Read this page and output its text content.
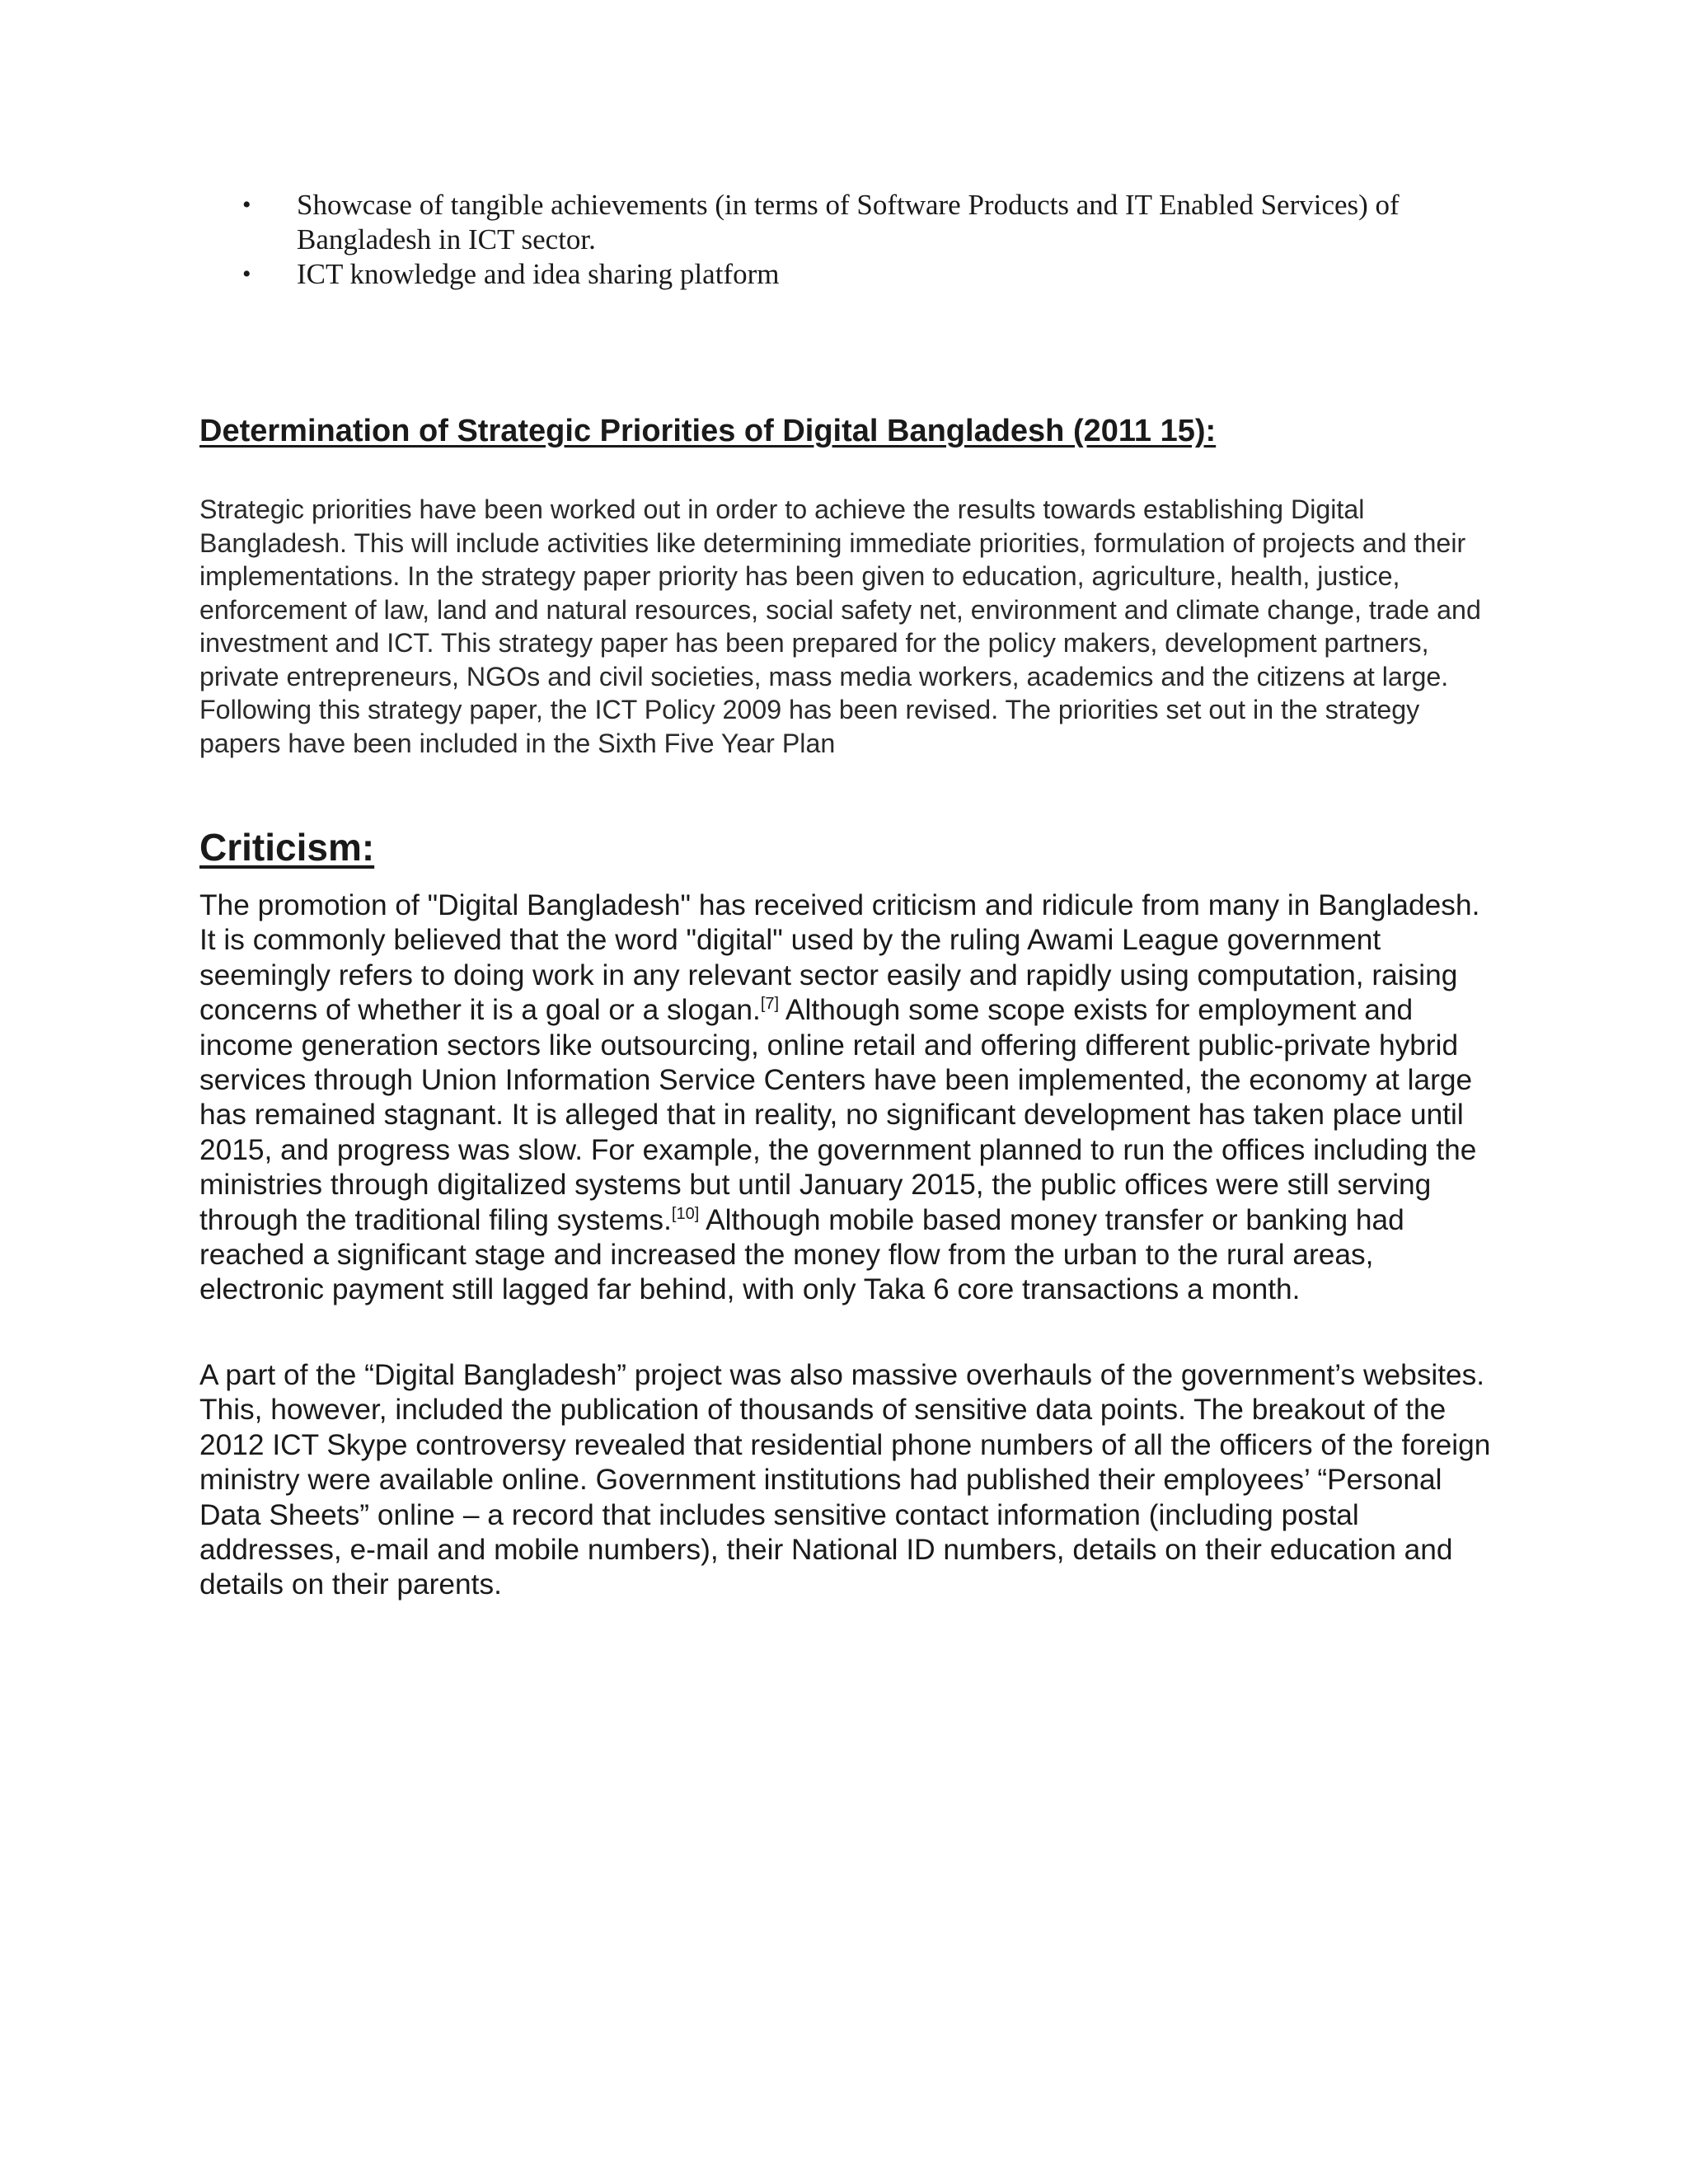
• Showcase of tangible achievements (in terms of Software Products and IT Enabled Services) of
Bangladesh in ICT sector.
• ICT knowledge and idea sharing platform
Determination of Strategic Priorities of Digital Bangladesh (2011 15):

Strategic priorities have been worked out in order to achieve the results towards establishing Digital Bangladesh. This will include activities like determining immediate priorities, formulation of projects and their implementations. In the strategy paper priority has been given to education, agriculture, health, justice, enforcement of law, land and natural resources, social safety net, environment and climate change, trade and investment and ICT. This strategy paper has been prepared for the policy makers, development partners, private entrepreneurs, NGOs and civil societies, mass media workers, academics and the citizens at large. Following this strategy paper, the ICT Policy 2009 has been revised. The priorities set out in the strategy papers have been included in the Sixth Five Year Plan

Criticism:

The promotion of "Digital Bangladesh" has received criticism and ridicule from many in Bangladesh. It is commonly believed that the word "digital" used by the ruling Awami League government seemingly refers to doing work in any relevant sector easily and rapidly using computation, raising concerns of whether it is a goal or a slogan.[7] Although some scope exists for employment and income generation sectors like outsourcing, online retail and offering different public-private hybrid services through Union Information Service Centers have been implemented, the economy at large has remained stagnant. It is alleged that in reality, no significant development has taken place until 2015, and progress was slow. For example, the government planned to run the offices including the ministries through digitalized systems but until January 2015, the public offices were still serving through the traditional filing systems.[10] Although mobile based money transfer or banking had reached a significant stage and increased the money flow from the urban to the rural areas, electronic payment still lagged far behind, with only Taka 6 core transactions a month.

A part of the “Digital Bangladesh” project was also massive overhauls of the government’s websites. This, however, included the publication of thousands of sensitive data points. The breakout of the 2012 ICT Skype controversy revealed that residential phone numbers of all the officers of the foreign ministry were available online. Government institutions had published their employees’ “Personal Data Sheets” online – a record that includes sensitive contact information (including postal addresses, e-mail and mobile numbers), their National ID numbers, details on their education and details on their parents.
